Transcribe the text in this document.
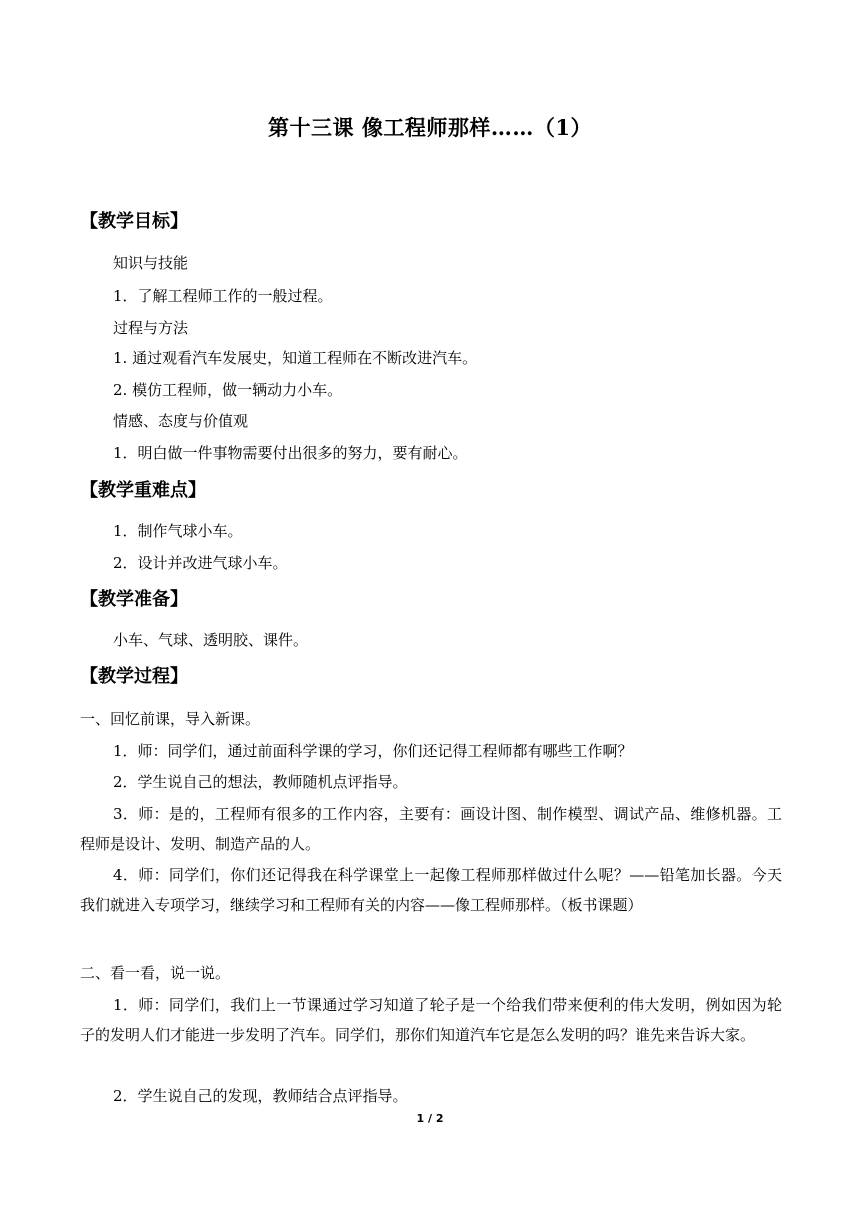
第十三课 像工程师那样……（1）
【教学目标】
知识与技能
1．了解工程师工作的一般过程。
过程与方法
1. 通过观看汽车发展史，知道工程师在不断改进汽车。
2. 模仿工程师，做一辆动力小车。
情感、态度与价值观
1．明白做一件事物需要付出很多的努力，要有耐心。
【教学重难点】
1．制作气球小车。
2．设计并改进气球小车。
【教学准备】
小车、气球、透明胶、课件。
【教学过程】
一、回忆前课，导入新课。
1．师：同学们，通过前面科学课的学习，你们还记得工程师都有哪些工作啊？
2．学生说自己的想法，教师随机点评指导。
3．师：是的，工程师有很多的工作内容，主要有：画设计图、制作模型、调试产品、维修机器。工程师是设计、发明、制造产品的人。
4．师：同学们，你们还记得我在科学课堂上一起像工程师那样做过什么呢？——铅笔加长器。今天我们就进入专项学习，继续学习和工程师有关的内容——像工程师那样。（板书课题）
二、看一看，说一说。
1．师：同学们，我们上一节课通过学习知道了轮子是一个给我们带来便利的伟大发明，例如因为轮子的发明人们才能进一步发明了汽车。同学们，那你们知道汽车它是怎么发明的吗？谁先来告诉大家。
2．学生说自己的发现，教师结合点评指导。
1 / 2
